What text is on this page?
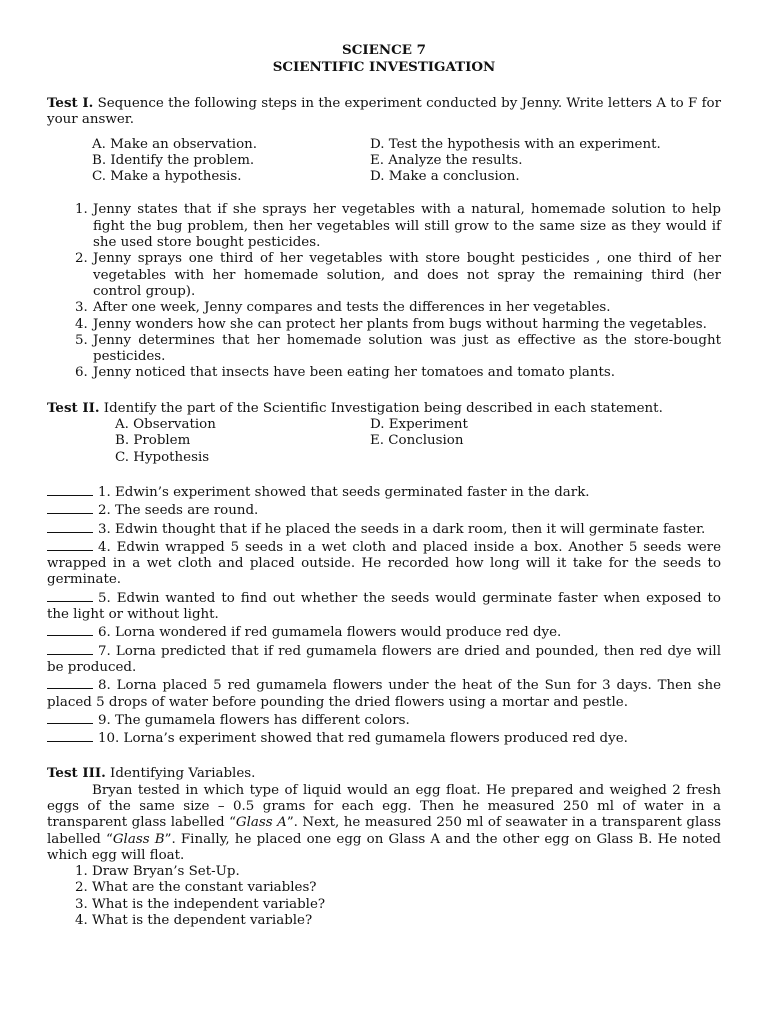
SCIENCE 7
SCIENTIFIC INVESTIGATION
Test I. Sequence the following steps in the experiment conducted by Jenny. Write letters A to F for your answer.
A. Make an observation.	D. Test the hypothesis with an experiment.
B. Identify the problem.	E. Analyze the results.
C. Make a hypothesis.	D. Make a conclusion.
1. Jenny states that if she sprays her vegetables with a natural, homemade solution to help fight the bug problem, then her vegetables will still grow to the same size as they would if she used store bought pesticides.
2. Jenny sprays one third of her vegetables with store bought pesticides , one third of her vegetables with her homemade solution, and does not spray the remaining third (her control group).
3. After one week, Jenny compares and tests the differences in her vegetables.
4. Jenny wonders how she can protect her plants from bugs without harming the vegetables.
5. Jenny determines that her homemade solution was just as effective as the store-bought pesticides.
6. Jenny noticed that insects have been eating her tomatoes and tomato plants.
Test II. Identify the part of the Scientific Investigation being described in each statement.
A. Observation	D. Experiment
B. Problem	E. Conclusion
C. Hypothesis
1. Edwin’s experiment showed that seeds germinated faster in the dark.
2. The seeds are round.
3. Edwin thought that if he placed the seeds in a dark room, then it will germinate faster.
4. Edwin wrapped 5 seeds in a wet cloth and placed inside a box. Another 5 seeds were wrapped in a wet cloth and placed outside. He recorded how long will it take for the seeds to germinate.
5. Edwin wanted to find out whether the seeds would germinate faster when exposed to the light or without light.
6. Lorna wondered if red gumamela flowers would produce red dye.
7. Lorna predicted that if red gumamela flowers are dried and pounded, then red dye will be produced.
8. Lorna placed 5 red gumamela flowers under the heat of the Sun for 3 days. Then she placed 5 drops of water before pounding the dried flowers using a mortar and pestle.
9. The gumamela flowers has different colors.
10. Lorna’s experiment showed that red gumamela flowers produced red dye.
Test III. Identifying Variables.
Bryan tested in which type of liquid would an egg float. He prepared and weighed 2 fresh eggs of the same size – 0.5 grams for each egg. Then he measured 250 ml of water in a transparent glass labelled “Glass A”. Next, he measured 250 ml of seawater in a transparent glass labelled “Glass B”. Finally, he placed one egg on Glass A and the other egg on Glass B. He noted which egg will float.
1. Draw Bryan’s Set-Up.
2. What are the constant variables?
3. What is the independent variable?
4. What is the dependent variable?
